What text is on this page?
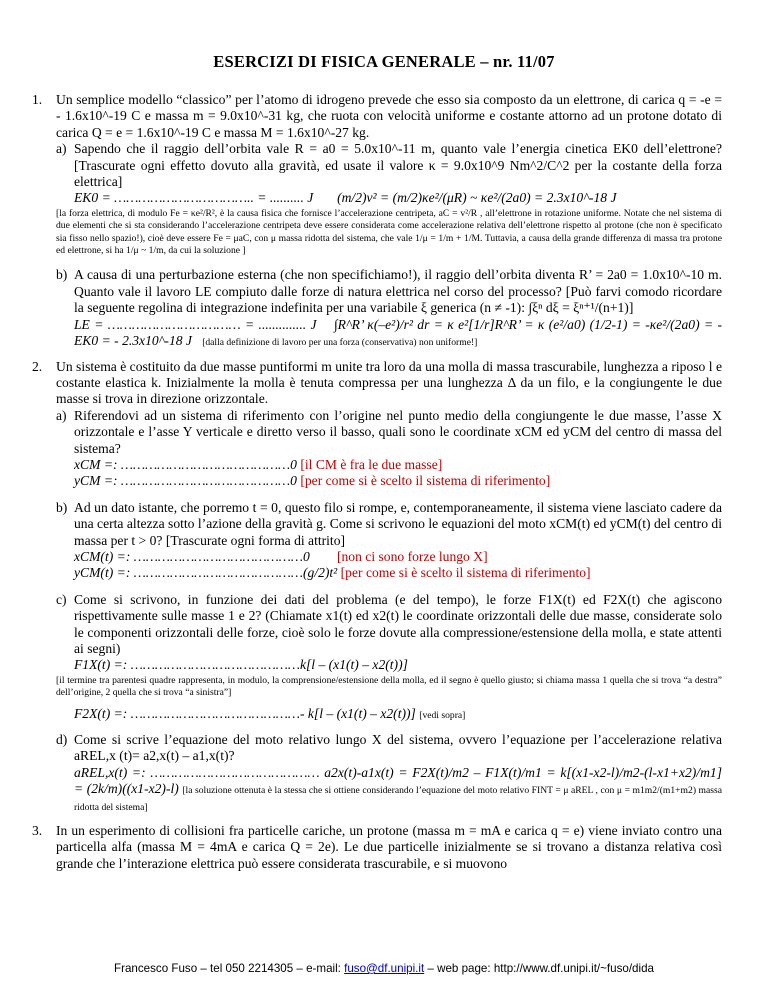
ESERCIZI DI FISICA GENERALE – nr. 11/07
1. Un semplice modello “classico” per l’atomo di idrogeno prevede che esso sia composto da un elettrone, di carica q = -e = - 1.6x10^-19 C e massa m = 9.0x10^-31 kg, che ruota con velocità uniforme e costante attorno ad un protone dotato di carica Q = e = 1.6x10^-19 C e massa M = 1.6x10^-27 kg.
a) Sapendo che il raggio dell’orbita vale R = a0 = 5.0x10^-11 m, quanto vale l’energia cinetica EK0 dell’elettrone? [Trascurate ogni effetto dovuto alla gravità, ed usate il valore κ = 9.0x10^9 Nm^2/C^2 per la costante della forza elettrica]
EK0 = …………………………….. = .......... J (m/2)v² = (m/2)κe²/(μR) ~ κe²/(2a0) = 2.3x10^-18 J
[la forza elettrica, di modulo Fe = κe²/R², è la causa fisica che fornisce l’accelerazione centripeta, aC = v²/R , all’elettrone in rotazione uniforme. Notate che nel sistema di due elementi che si sta considerando l’accelerazione centripeta deve essere considerata come accelerazione relativa dell’elettrone rispetto al protone (che non è specificato sia fisso nello spazio!), cioè deve essere Fe = μaC, con μ massa ridotta del sistema, che vale 1/μ = 1/m + 1/M. Tuttavia, a causa della grande differenza di massa tra protone ed elettrone, si ha 1/μ ~ 1/m, da cui la soluzione ]
b) A causa di una perturbazione esterna (che non specifichiamo!), il raggio dell’orbita diventa R’ = 2a0 = 1.0x10^-10 m. Quanto vale il lavoro LE compiuto dalle forze di natura elettrica nel corso del processo? [Può farvi comodo ricordare la seguente regolina di integrazione indefinita per una variabile ξ generica (n ≠ -1): ∫ξⁿ dξ = ξⁿ⁺¹/(n+1)]
LE = …………………………… = .............. J ∫R^R’ κ(–e²)/r² dr = κ e²[1/r]R^R’ = κ (e²/a0) (1/2-1) = -κe²/(2a0) = - EK0 = - 2.3x10^-18 J [dalla definizione di lavoro per una forza (conservativa) non uniforme!]
2. Un sistema è costituito da due masse puntiformi m unite tra loro da una molla di massa trascurabile, lunghezza a riposo l e costante elastica k. Inizialmente la molla è tenuta compressa per una lunghezza Δ da un filo, e la congiungente le due masse si trova in direzione orizzontale.
a) Riferendovi ad un sistema di riferimento con l’origine nel punto medio della congiungente le due masse, l’asse X orizzontale e l’asse Y verticale e diretto verso il basso, quali sono le coordinate xCM ed yCM del centro di massa del sistema?
xCM =: ……………………………………0 [il CM è fra le due masse]
yCM =: ……………………………………0 [per come si è scelto il sistema di riferimento]
b) Ad un dato istante, che porremo t = 0, questo filo si rompe, e, contemporaneamente, il sistema viene lasciato cadere da una certa altezza sotto l’azione della gravità g. Come si scrivono le equazioni del moto xCM(t) ed yCM(t) del centro di massa per t > 0? [Trascurate ogni forma di attrito]
xCM(t) =: ……………………………………0 [non ci sono forze lungo X]
yCM(t) =: ……………………………………(g/2)t² [per come si è scelto il sistema di riferimento]
c) Come si scrivono, in funzione dei dati del problema (e del tempo), le forze F1X(t) ed F2X(t) che agiscono rispettivamente sulle masse 1 e 2? (Chiamate x1(t) ed x2(t) le coordinate orizzontali delle due masse, considerate solo le componenti orizzontali delle forze, cioè solo le forze dovute alla compressione/estensione della molla, e state attenti ai segni)
F1X(t) =: ……………………………………k[l – (x1(t) – x2(t))]
[il termine tra parentesi quadre rappresenta, in modulo, la comprensione/estensione della molla, ed il segno è quello giusto; si chiama massa 1 quella che si trova “a destra” dell’origine, 2 quella che si trova “a sinistra”]
F2X(t) =: ……………………………………- k[l – (x1(t) – x2(t))] [vedi sopra]
d) Come si scrive l’equazione del moto relativo lungo X del sistema, ovvero l’equazione per l’accelerazione relativa aREL,x (t)= a2,x(t) – a1,x(t)?
aREL,x(t) =: …………………………………… a2x(t)-a1x(t) = F2X(t)/m2 – F1X(t)/m1 = k[(x1-x2-l)/m2-(l-x1+x2)/m1] = (2k/m)((x1-x2)-l) [la soluzione ottenuta è la stessa che si ottiene considerando l’equazione del moto relativo FINT = μ aREL , con μ = m1m2/(m1+m2) massa ridotta del sistema]
3. In un esperimento di collisioni fra particelle cariche, un protone (massa m = mA e carica q = e) viene inviato contro una particella alfa (massa M = 4mA e carica Q = 2e). Le due particelle inizialmente se si trovano a distanza relativa così grande che l’interazione elettrica può essere considerata trascurabile, e si muovono
Francesco Fuso – tel 050 2214305 – e-mail: fuso@df.unipi.it – web page: http://www.df.unipi.it/~fuso/dida
